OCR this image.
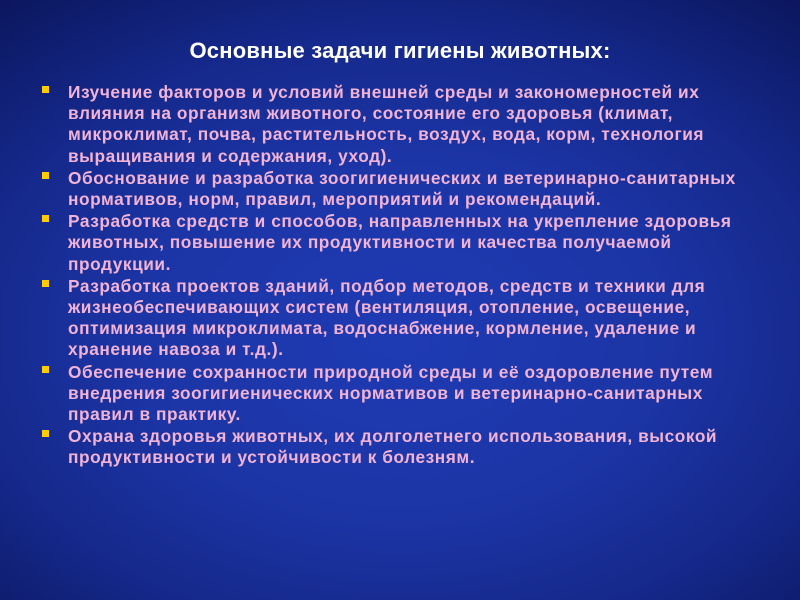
Основные задачи гигиены животных:
Изучение факторов и условий внешней среды и закономерностей их влияния на организм животного, состояние его здоровья (климат, микроклимат, почва, растительность, воздух, вода, корм, технология выращивания и содержания, уход).
Обоснование и разработка зоогигиенических и ветеринарно-санитарных нормативов, норм, правил, мероприятий и рекомендаций.
Разработка средств и способов, направленных на укрепление здоровья животных, повышение их продуктивности и качества получаемой продукции.
Разработка проектов зданий, подбор методов, средств и техники для жизнеобеспечивающих систем (вентиляция, отопление, освещение, оптимизация микроклимата, водоснабжение, кормление, удаление и хранение навоза и т.д.).
Обеспечение сохранности природной среды и её оздоровление путем внедрения зоогигиенических нормативов и ветеринарно-санитарных правил в практику.
Охрана здоровья животных, их долголетнего использования, высокой продуктивности и устойчивости к болезням.
